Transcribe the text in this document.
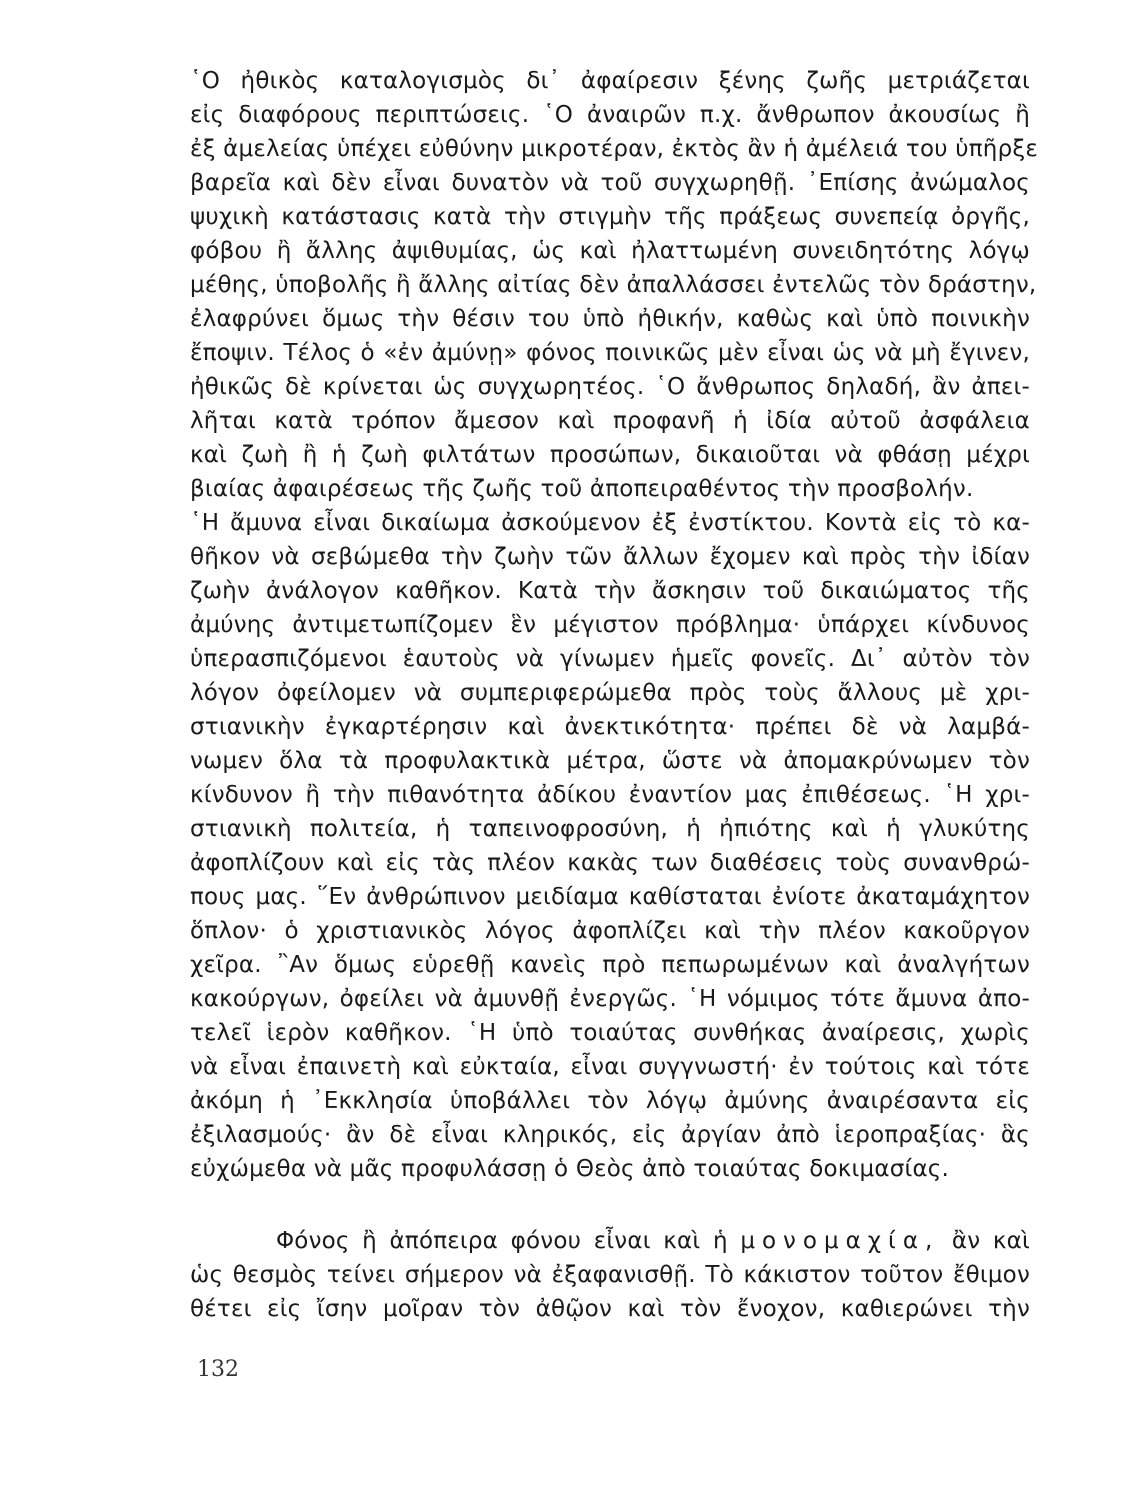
῾Ο ἠθικὸς καταλογισμὸς δι᾽ ἀφαίρεσιν ξένης ζωῆς μετριάζεται
εἰς διαφόρους περιπτώσεις. ῾Ο ἀναιρῶν π.χ. ἄνθρωπον ἀκουσίως ἢ
ἐξ ἀμελείας ὑπέχει εὐθύνην μικροτέραν, ἐκτὸς ἂν ἡ ἀμέλειά του ὑπῆρξε
βαρεῖα καὶ δὲν εἶναι δυνατὸν νὰ τοῦ συγχωρηθῇ. ᾿Επίσης ἀνώμαλος
ψυχικὴ κατάστασις κατὰ τὴν στιγμὴν τῆς πράξεως συνεπείᾳ ὀργῆς,
φόβου ἢ ἄλλης ἀψιθυμίας, ὡς καὶ ἠλαττωμένη συνειδητότης λόγῳ
μέθης, ὑποβολῆς ἢ ἄλλης αἰτίας δὲν ἀπαλλάσσει ἐντελῶς τὸν δράστην,
ἐλαφρύνει ὅμως τὴν θέσιν του ὑπὸ ἠθικήν, καθὼς καὶ ὑπὸ ποινικὴν
ἔποψιν. Τέλος ὁ «ἐν ἀμύνῃ» φόνος ποινικῶς μὲν εἶναι ὡς νὰ μὴ ἔγινεν,
ἠθικῶς δὲ κρίνεται ὡς συγχωρητέος. ῾Ο ἄνθρωπος δηλαδή, ἂν ἀπει-
λῆται κατὰ τρόπον ἄμεσον καὶ προφανῆ ἡ ἰδία αὐτοῦ ἀσφάλεια
καὶ ζωὴ ἢ ἡ ζωὴ φιλτάτων προσώπων, δικαιοῦται νὰ φθάσῃ μέχρι
βιαίας ἀφαιρέσεως τῆς ζωῆς τοῦ ἀποπειραθέντος τὴν προσβολήν.
῾Η ἄμυνα εἶναι δικαίωμα ἀσκούμενον ἐξ ἐνστίκτου. Κοντὰ εἰς τὸ κα-
θῆκον νὰ σεβώμεθα τὴν ζωὴν τῶν ἄλλων ἔχομεν καὶ πρὸς τὴν ἰδίαν
ζωὴν ἀνάλογον καθῆκον. Κατὰ τὴν ἄσκησιν τοῦ δικαιώματος τῆς
ἀμύνης ἀντιμετωπίζομεν ἓν μέγιστον πρόβλημα· ὑπάρχει κίνδυνος
ὑπερασπιζόμενοι ἑαυτοὺς νὰ γίνωμεν ἡμεῖς φονεῖς. Δι᾽ αὐτὸν τὸν
λόγον ὀφείλομεν νὰ συμπεριφερώμεθα πρὸς τοὺς ἄλλους μὲ χρι-
στιανικὴν ἐγκαρτέρησιν καὶ ἀνεκτικότητα· πρέπει δὲ νὰ λαμβά-
νωμεν ὅλα τὰ προφυλακτικὰ μέτρα, ὥστε νὰ ἀπομακρύνωμεν τὸν
κίνδυνον ἢ τὴν πιθανότητα ἀδίκου ἐναντίον μας ἐπιθέσεως. ῾Η χρι-
στιανικὴ πολιτεία, ἡ ταπεινοφροσύνη, ἡ ἠπιότης καὶ ἡ γλυκύτης
ἀφοπλίζουν καὶ εἰς τὰς πλέον κακὰς των διαθέσεις τοὺς συνανθρώ-
πους μας. ῞Εν ἀνθρώπινον μειδίαμα καθίσταται ἐνίοτε ἀκαταμάχητον
ὅπλον· ὁ χριστιανικὸς λόγος ἀφοπλίζει καὶ τὴν πλέον κακοῦργον
χεῖρα. ῍Αν ὅμως εὑρεθῇ κανεὶς πρὸ πεπωρωμένων καὶ ἀναλγήτων
κακούργων, ὀφείλει νὰ ἀμυνθῇ ἐνεργῶς. ῾Η νόμιμος τότε ἄμυνα ἀπο-
τελεῖ ἱερὸν καθῆκον. ῾Η ὑπὸ τοιαύτας συνθήκας ἀναίρεσις, χωρὶς
νὰ εἶναι ἐπαινετὴ καὶ εὐκταία, εἶναι συγγνωστή· ἐν τούτοις καὶ τότε
ἀκόμη ἡ ᾿Εκκλησία ὑποβάλλει τὸν λόγῳ ἀμύνης ἀναιρέσαντα εἰς
ἐξιλασμούς· ἂν δὲ εἶναι κληρικός, εἰς ἀργίαν ἀπὸ ἱεροπραξίας· ἃς
εὐχώμεθα νὰ μᾶς προφυλάσσῃ ὁ Θεὸς ἀπὸ τοιαύτας δοκιμασίας.
Φόνος ἢ ἀπόπειρα φόνου εἶναι καὶ ἡ μονομαχία, ἂν καὶ
ὡς θεσμὸς τείνει σήμερον νὰ ἐξαφανισθῇ. Τὸ κάκιστον τοῦτον ἔθιμον
θέτει εἰς ἴσην μοῖραν τὸν ἀθῷον καὶ τὸν ἔνοχον, καθιερώνει τὴν
132
